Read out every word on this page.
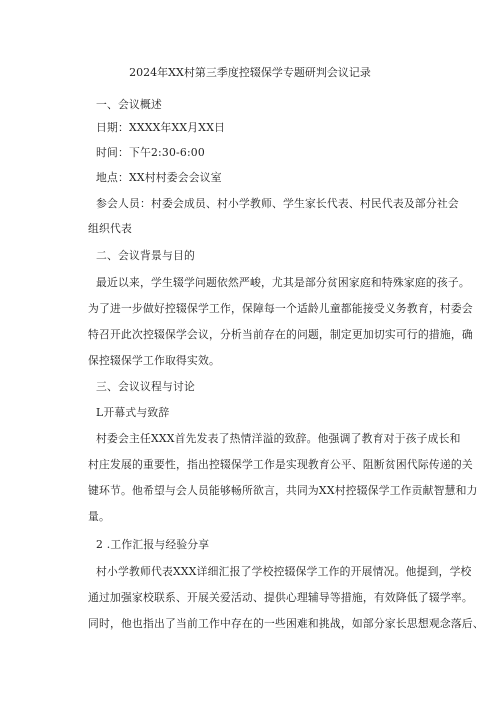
2024年XX村第三季度控辍保学专题研判会议记录
一、会议概述
日期：XXXX年XX月XX日
时间：下午2:30-6:00
地点：XX村村委会会议室
参会人员：村委会成员、村小学教师、学生家长代表、村民代表及部分社会
组织代表
二、会议背景与目的
最近以来，学生辍学问题依然严峻，尤其是部分贫困家庭和特殊家庭的孩子。
为了进一步做好控辍保学工作，保障每一个适龄儿童都能接受义务教育，村委会
特召开此次控辍保学会议，分析当前存在的问题，制定更加切实可行的措施，确
保控辍保学工作取得实效。
三、会议议程与讨论
L开幕式与致辞
村委会主任XXX首先发表了热情洋溢的致辞。他强调了教育对于孩子成长和
村庄发展的重要性，指出控辍保学工作是实现教育公平、阻断贫困代际传递的关
键环节。他希望与会人员能够畅所欲言，共同为XX村控辍保学工作贡献智慧和力
量。
2 .工作汇报与经验分享
村小学教师代表XXX详细汇报了学校控辍保学工作的开展情况。他提到，学校
通过加强家校联系、开展关爱活动、提供心理辅导等措施，有效降低了辍学率。
同时，他也指出了当前工作中存在的一些困难和挑战，如部分家长思想观念落后、
